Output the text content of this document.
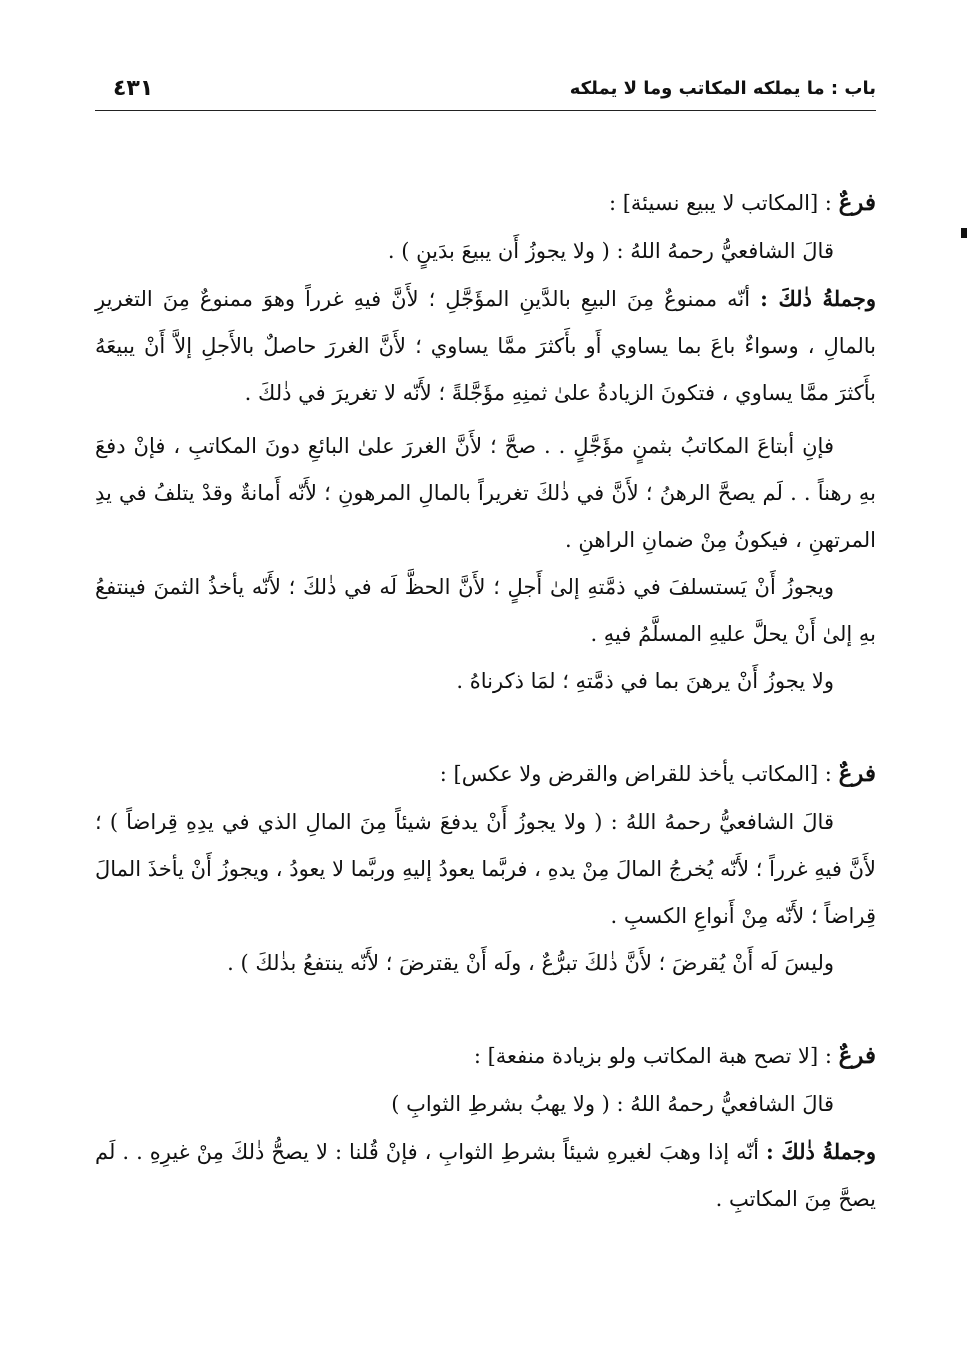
باب : ما يملكه المكاتب وما لا يملكه
٤٣١

فرعٌ : [المكاتب لا يبيع نسيئة] :

قالَ الشافعيُّ رحمهُ اللهُ : ( ولا يجوزُ أَن يبيعَ بدَينٍ ) .

وجملةُ ذٰلكَ : أنّه ممنوعٌ مِنَ البيعِ بالدَّينِ المؤَجَّلِ ؛ لأَنَّ فيهِ غرراً وهوَ ممنوعٌ مِنَ التغريرِ بالمالِ ، وسواءٌ باعَ بما يساوي أَو بأَكثرَ ممَّا يساوي ؛ لأَنَّ الغررَ حاصلٌ بالأَجلِ إلاَّ أَنْ يبيعَهُ بأَكثرَ ممَّا يساوي ، فتكونَ الزيادةُ علىٰ ثمنِهِ مؤَجَّلةً ؛ لأَنّه لا تغريرَ في ذٰلكَ .

فإنِ أبتاعَ المكاتبُ بثمنٍ مؤَجَّلٍ . . صحَّ ؛ لأَنَّ الغررَ علىٰ البائعِ دونَ المكاتبِ ، فإنْ دفعَ بهِ رهناً . . لَم يصحَّ الرهنُ ؛ لأَنَّ في ذٰلكَ تغريراً بالمالِ المرهونِ ؛ لأَنّه أَمانةٌ وقدْ يتلفُ في يدِ المرتهنِ ، فيكونُ مِنْ ضمانِ الراهنِ .

ويجوزُ أَنْ يَستسلفَ في ذمَّتهِ إلىٰ أَجلٍ ؛ لأَنَّ الحظَّ لَه في ذٰلكَ ؛ لأَنّه يأخذُ الثمنَ فينتفعُ بهِ إلىٰ أَنْ يحلَّ عليهِ المسلَّمُ فيهِ .

ولا يجوزُ أَنْ يرهنَ بما في ذمَّتهِ ؛ لمَا ذكرناهُ .

فرعٌ : [المكاتب يأخذ للقراض والقرض ولا عكس] :

قالَ الشافعيُّ رحمهُ اللهُ : ( ولا يجوزُ أَنْ يدفعَ شيئاً مِنَ المالِ الذي في يدِهِ قِراضاً ) ؛ لأَنَّ فيهِ غرراً ؛ لأَنّه يُخرجُ المالَ مِنْ يدهِ ، فربَّما يعودُ إليهِ وربَّما لا يعودُ ، ويجوزُ أَنْ يأخذَ المالَ قِراضاً ؛ لأَنّه مِنْ أَنواعِ الكسبِ .

وليسَ لَه أَنْ يُقرضَ ؛ لأَنَّ ذٰلكَ تبرُّعٌ ، ولَه أَنْ يقترضَ ؛ لأَنّه ينتفعُ بذٰلكَ ) .

فرعٌ : [لا تصح هبة المكاتب ولو بزيادة منفعة] :

قالَ الشافعيُّ رحمهُ اللهُ : ( ولا يهبُ بشرطِ الثوابِ )

وجملةُ ذٰلكَ : أنّه إذا وهبَ لغيرهِ شيئاً بشرطِ الثوابِ ، فإنْ قُلنا : لا يصحُّ ذٰلكَ مِنْ غيرِهِ . . لَم يصحَّ مِنَ المكاتبِ .
